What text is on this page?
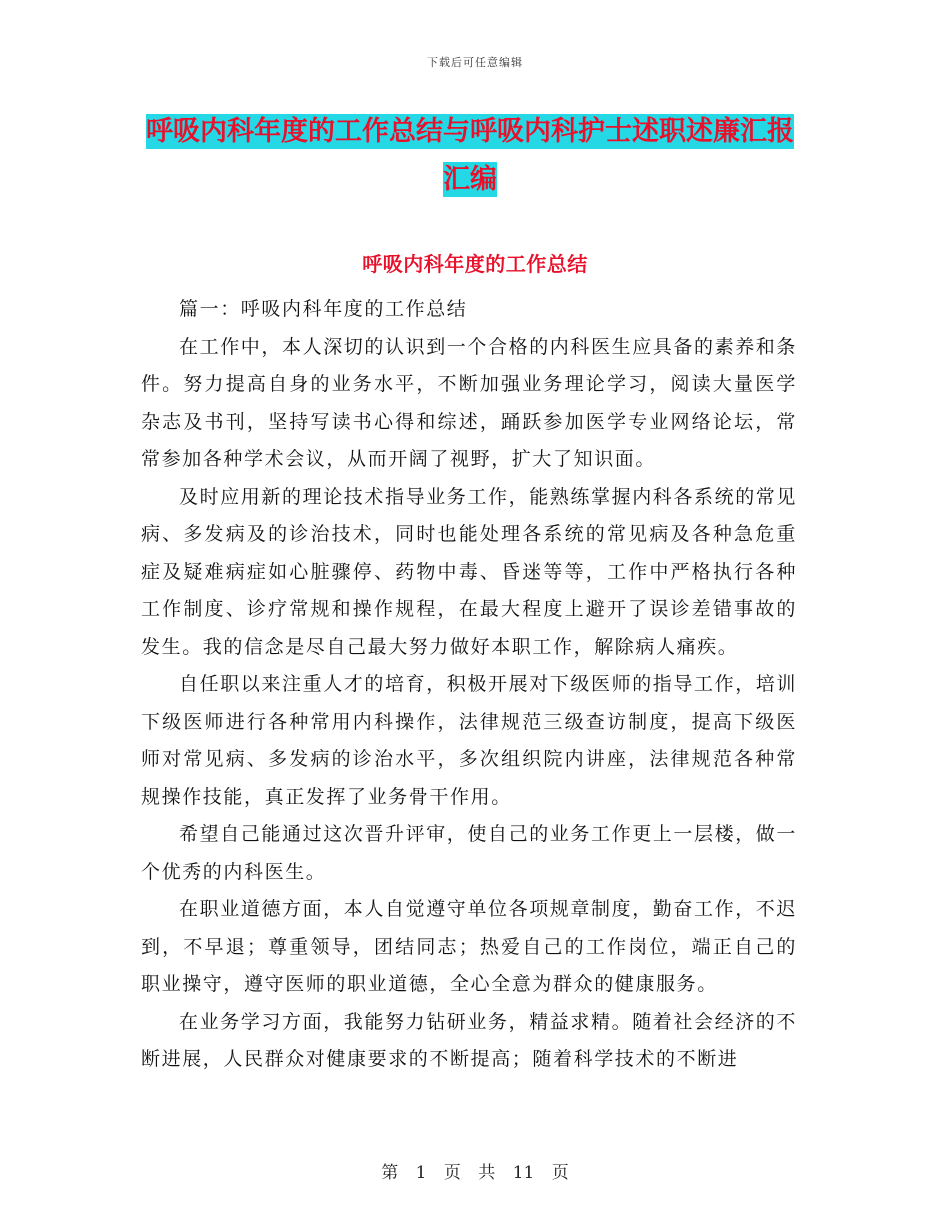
下载后可任意编辑
呼吸内科年度的工作总结与呼吸内科护士述职述廉汇报汇编
呼吸内科年度的工作总结

篇一：呼吸内科年度的工作总结

在工作中，本人深切的认识到一个合格的内科医生应具备的素养和条件。努力提高自身的业务水平，不断加强业务理论学习，阅读大量医学杂志及书刊，坚持写读书心得和综述，踊跃参加医学专业网络论坛，常常参加各种学术会议，从而开阔了视野，扩大了知识面。

及时应用新的理论技术指导业务工作，能熟练掌握内科各系统的常见病、多发病及的诊治技术，同时也能处理各系统的常见病及各种急危重症及疑难病症如心脏骤停、药物中毒、昏迷等等，工作中严格执行各种工作制度、诊疗常规和操作规程，在最大程度上避开了误诊差错事故的发生。我的信念是尽自己最大努力做好本职工作，解除病人痛疾。

自任职以来注重人才的培育，积极开展对下级医师的指导工作，培训下级医师进行各种常用内科操作，法律规范三级查访制度，提高下级医师对常见病、多发病的诊治水平，多次组织院内讲座，法律规范各种常规操作技能，真正发挥了业务骨干作用。

希望自己能通过这次晋升评审，使自己的业务工作更上一层楼，做一个优秀的内科医生。

在职业道德方面，本人自觉遵守单位各项规章制度，勤奋工作，不迟到，不早退；尊重领导，团结同志；热爱自己的工作岗位，端正自己的职业操守，遵守医师的职业道德，全心全意为群众的健康服务。

在业务学习方面，我能努力钻研业务，精益求精。随着社会经济的不断进展，人民群众对健康要求的不断提高；随着科学技术的不断进

第 1 页 共 11 页
